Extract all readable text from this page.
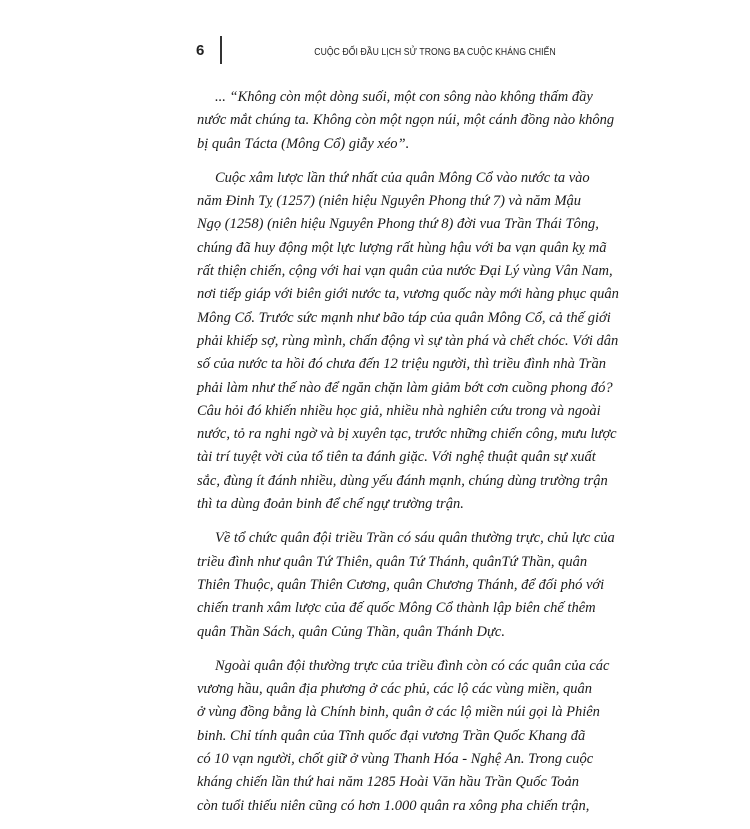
6	CUỘC ĐỐI ĐẦU LỊCH SỬ TRONG BA CUỘC KHÁNG CHIẾN
... “Không còn một dòng suối, một con sông nào không thấm đầy
nước mắt chúng ta. Không còn một ngọn núi, một cánh đồng nào không
bị quân Tácta (Mông Cổ) giẫy xéo”.
Cuộc xâm lược lần thứ nhất của quân Mông Cổ vào nước ta vào
năm Đinh Tỵ (1257) (niên hiệu Nguyên Phong thứ 7) và năm Mậu
Ngọ (1258) (niên hiệu Nguyên Phong thứ 8) đời vua Trần Thái Tông,
chúng đã huy động một lực lượng rất hùng hậu với ba vạn quân kỵ mã
rất thiện chiến, cộng với hai vạn quân của nước Đại Lý vùng Vân Nam,
nơi tiếp giáp với biên giới nước ta, vương quốc này mới hàng phục quân
Mông Cổ. Trước sức mạnh như bão táp của quân Mông Cổ, cả thế giới
phải khiếp sợ, rùng mình, chấn động vì sự tàn phá và chết chóc. Với dân
số của nước ta hồi đó chưa đến 12 triệu người, thì triều đình nhà Trần
phải làm như thế nào để ngăn chặn làm giảm bớt cơn cuồng phong đó?
Câu hỏi đó khiến nhiều học giả, nhiều nhà nghiên cứu trong và ngoài
nước, tỏ ra nghi ngờ và bị xuyên tạc, trước những chiến công, mưu lược
tài trí tuyệt vời của tổ tiên ta đánh giặc. Với nghệ thuật quân sự xuất
sắc, đùng ít đánh nhiều, dùng yếu đánh mạnh, chúng dùng trường trận
thì ta dùng đoản binh để chế ngự trường trận.
Về tổ chức quân đội triều Trần có sáu quân thường trực, chủ lực của
triều đình như quân Tứ Thiên, quân Tứ Thánh, quânTứ Thần, quân
Thiên Thuộc, quân Thiên Cương, quân Chương Thánh, để đối phó với
chiến tranh xâm lược của đế quốc Mông Cổ thành lập biên chế thêm
quân Thần Sách, quân Củng Thần, quân Thánh Dực.
Ngoài quân đội thường trực của triều đình còn có các quân của các
vương hầu, quân địa phương ở các phủ, các lộ các vùng miền, quân
ở vùng đồng bằng là Chính binh, quân ở các lộ miền núi gọi là Phiên
binh. Chỉ tính quân của Tĩnh quốc đại vương Trần Quốc Khang đã
có 10 vạn người, chốt giữ ở vùng Thanh Hóa - Nghệ An. Trong cuộc
kháng chiến lần thứ hai năm 1285 Hoài Văn hầu Trần Quốc Toản
còn tuổi thiếu niên cũng có hơn 1.000 quân ra xông pha chiến trận,
